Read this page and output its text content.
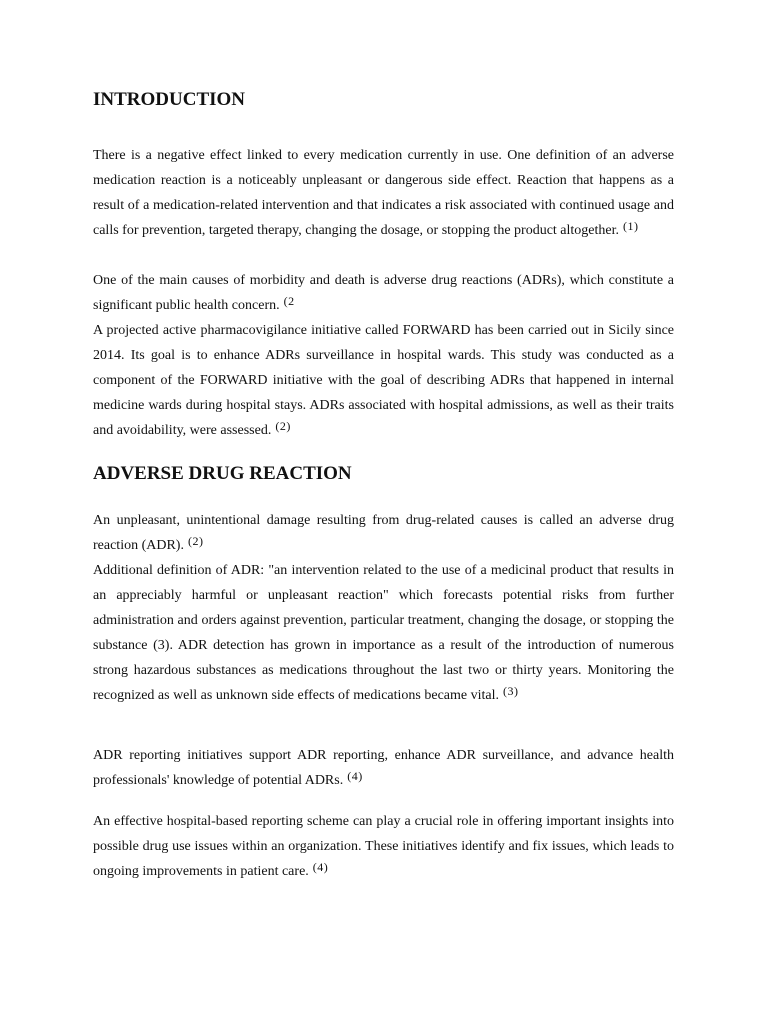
INTRODUCTION

There is a negative effect linked to every medication currently in use. One definition of an adverse medication reaction is a noticeably unpleasant or dangerous side effect. Reaction that happens as a result of a medication-related intervention and that indicates a risk associated with continued usage and calls for prevention, targeted therapy, changing the dosage, or stopping the product altogether. (1)

One of the main causes of morbidity and death is adverse drug reactions (ADRs), which constitute a significant public health concern. (2

A projected active pharmacovigilance initiative called FORWARD has been carried out in Sicily since 2014. Its goal is to enhance ADRs surveillance in hospital wards. This study was conducted as a component of the FORWARD initiative with the goal of describing ADRs that happened in internal medicine wards during hospital stays. ADRs associated with hospital admissions, as well as their traits and avoidability, were assessed. (2)

ADVERSE DRUG REACTION

An unpleasant, unintentional damage resulting from drug-related causes is called an adverse drug reaction (ADR). (2)

Additional definition of ADR: "an intervention related to the use of a medicinal product that results in an appreciably harmful or unpleasant reaction" which forecasts potential risks from further administration and orders against prevention, particular treatment, changing the dosage, or stopping the substance (3). ADR detection has grown in importance as a result of the introduction of numerous strong hazardous substances as medications throughout the last two or thirty years. Monitoring the recognized as well as unknown side effects of medications became vital. (3)

ADR reporting initiatives support ADR reporting, enhance ADR surveillance, and advance health professionals' knowledge of potential ADRs. (4)

An effective hospital-based reporting scheme can play a crucial role in offering important insights into possible drug use issues within an organization. These initiatives identify and fix issues, which leads to ongoing improvements in patient care. (4)
